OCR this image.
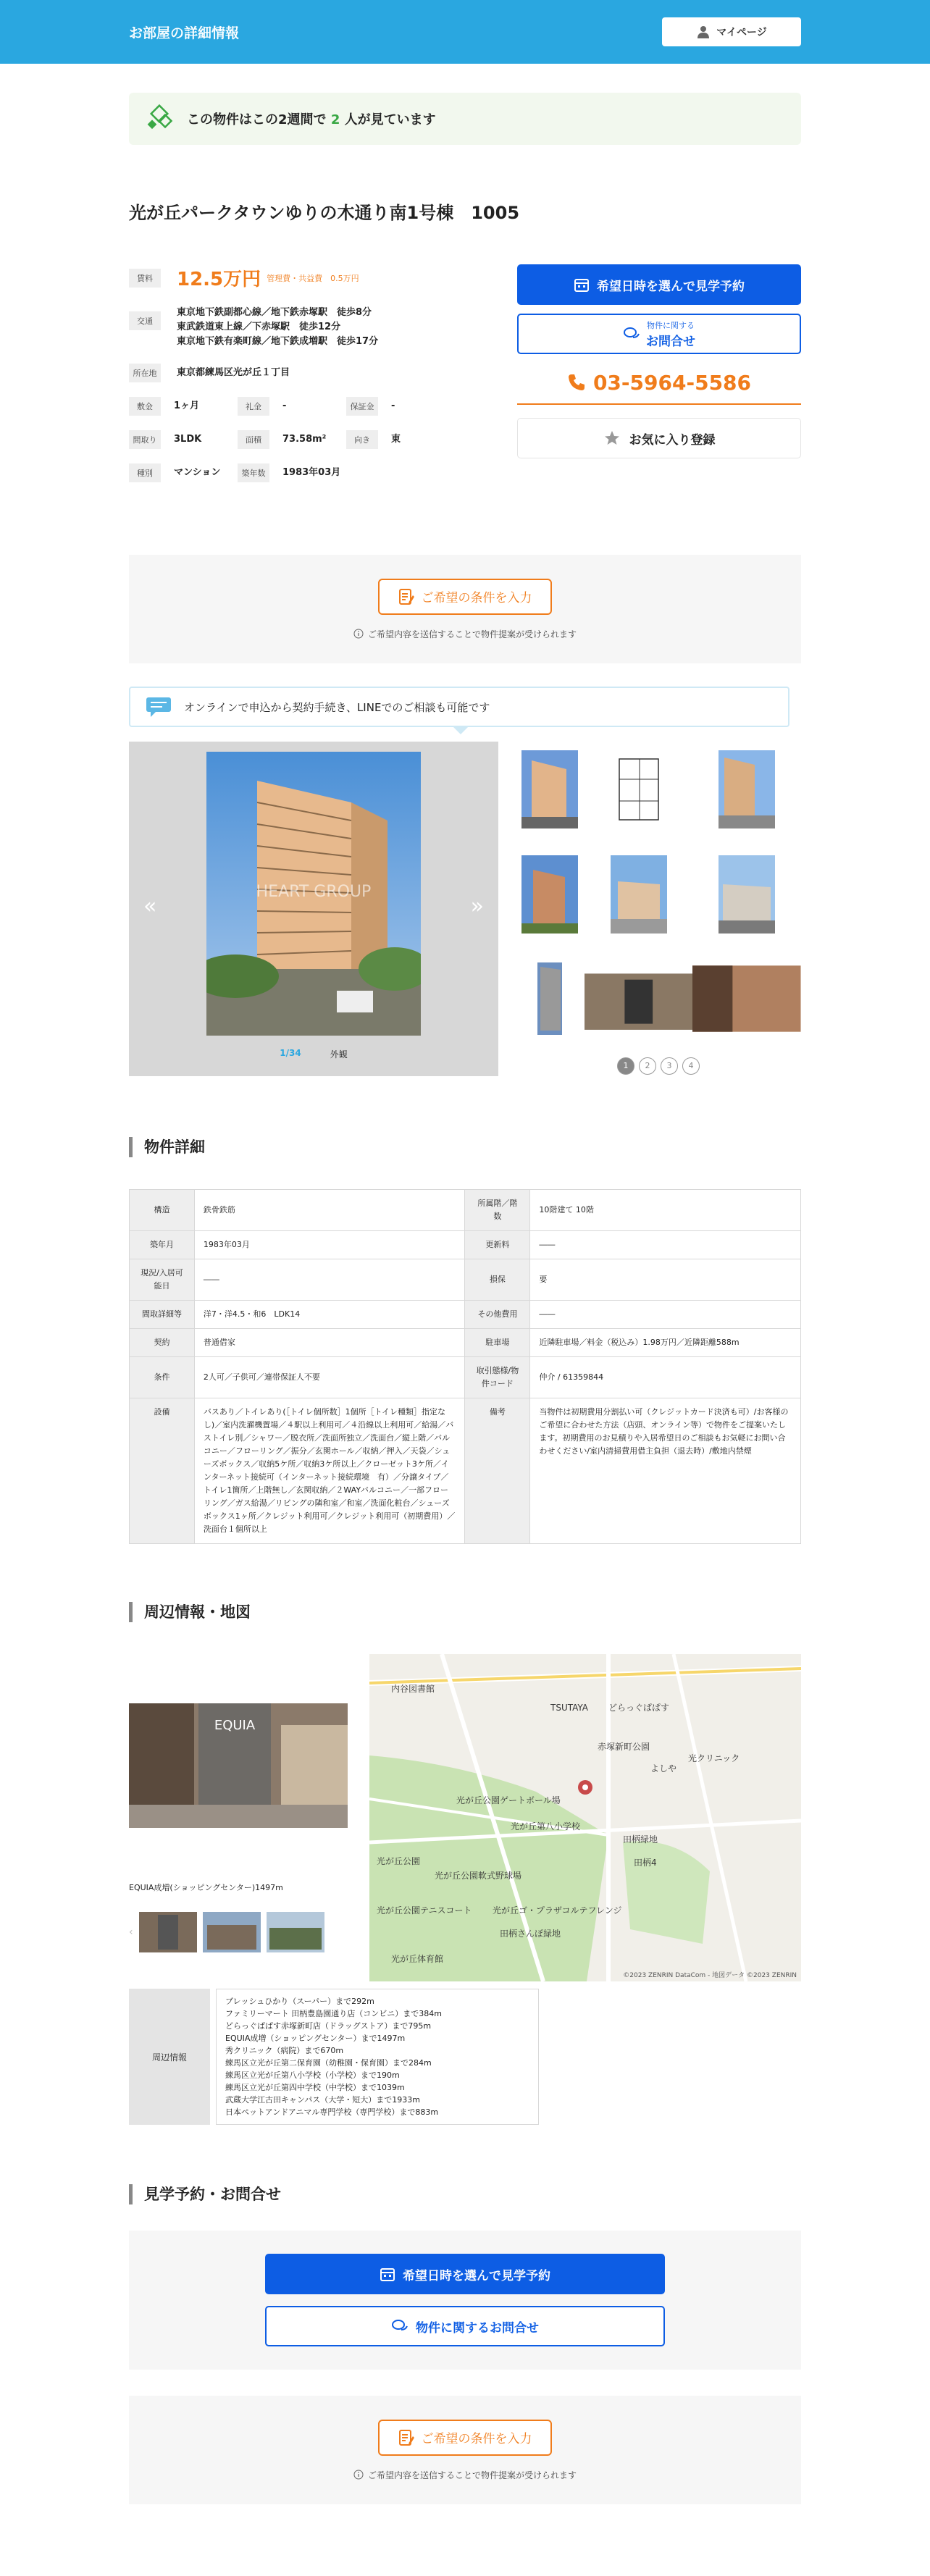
お部屋の詳細情報	マイページ
この物件はこの2週間で 2 人が見ています
光が丘パークタウンゆりの木通り南1号棟　1005
賃料	12.5万円 管理費・共益費　0.5万円
交通
東京地下鉄副都心線／地下鉄赤塚駅　徒歩8分
東武鉄道東上線／下赤塚駅　徒歩12分
東京地下鉄有楽町線／地下鉄成増駅　徒歩17分
所在地	東京都練馬区光が丘１丁目
敷金	1ヶ月	礼金	-	保証金	-
間取り	3LDK	面積	73.58m²	向き	東
種別	マンション	築年数	1983年03月
希望日時を選んで見学予約
物件に関する
お問合せ
03-5964-5586
お気に入り登録
ご希望の条件を入力
ご希望内容を送信することで物件提案が受けられます
オンラインで申込から契約手続き、LINEでのご相談も可能です
HEART GROUP
«	»
1/34	外観
1	2	3	4
物件詳細
構造	鉄骨鉄筋	所属階／階数	10階建て 10階
築年月	1983年03月	更新料	――
現況/入居可能日	――	損保	要
間取詳細等	洋7・洋4.5・和6　LDK14	その他費用	――
契約	普通借家	駐車場	近隣駐車場／料金（税込み）1.98万円／近隣距離588m
条件	2人可／子供可／連帯保証人不要	取引態様/物件コード	仲介 / 61359844
設備	バスあり／トイレあり(［トイレ個所数］1個所［トイレ種類］指定なし)／室内洗濯機置場／４駅以上利用可／４沿線以上利用可／給湯／バストイレ別／シャワー／脱衣所／洗面所独立／洗面台／縦上階／バルコニー／フローリング／振分／玄関ホール／収納／押入／天袋／シューズボックス／収納5ケ所／収納3ケ所以上／クローゼット3ケ所／インターネット接続可（インターネット接続環境　有）／分譲タイプ／トイレ1箇所／上階無し／玄関収納／２WAYバルコニー／一部フローリング／ガス給湯／リビングの隣和室／和室／洗面化粧台／シューズボックス1ヶ所／クレジット利用可／クレジット利用可（初期費用）／洗面台１個所以上	備考	当物件は初期費用分割払い可（クレジットカード決済も可）/お客様のご希望に合わせた方法（店頭、オンライン等）で物件をご提案いたします。初期費用のお見積りや入居希望日のご相談もお気軽にお問い合わせください/室内清掃費用借主負担（退去時）/敷地内禁煙
周辺情報・地図
EQUIA
EQUIA成増(ショッピングセンター)1497m
‹
内谷図書館
TSUTAYA どらっぐぱぱす
赤塚新町公園
よしや
光クリニック
光が丘公園ゲートボール場
光が丘第八小学校
田柄緑地
田柄4
光が丘公園
光が丘公園軟式野球場
光が丘公園テニスコート 光が丘ゴ・プラザコルテフレンジ
田柄さんぽ緑地
光が丘体育館
©2023 ZENRIN DataCom - 地図データ ©2023 ZENRIN
周辺情報
ブレッシュひかり（スーパー）まで292m
ファミリーマート 田柄豊島園通り店（コンビニ）まで384m
どらっぐぱぱす赤塚新町店（ドラッグストア）まで795m
EQUIA成増（ショッピングセンター）まで1497m
秀クリニック（病院）まで670m
練馬区立光が丘第二保育園（幼稚園・保育園）まで284m
練馬区立光が丘第八小学校（小学校）まで190m
練馬区立光が丘第四中学校（中学校）まで1039m
武蔵大学江古田キャンパス（大学・短大）まで1933m
日本ペットアンドアニマル専門学校（専門学校）まで883m
見学予約・お問合せ
希望日時を選んで見学予約
物件に関するお問合せ
ご希望の条件を入力
ご希望内容を送信することで物件提案が受けられます
